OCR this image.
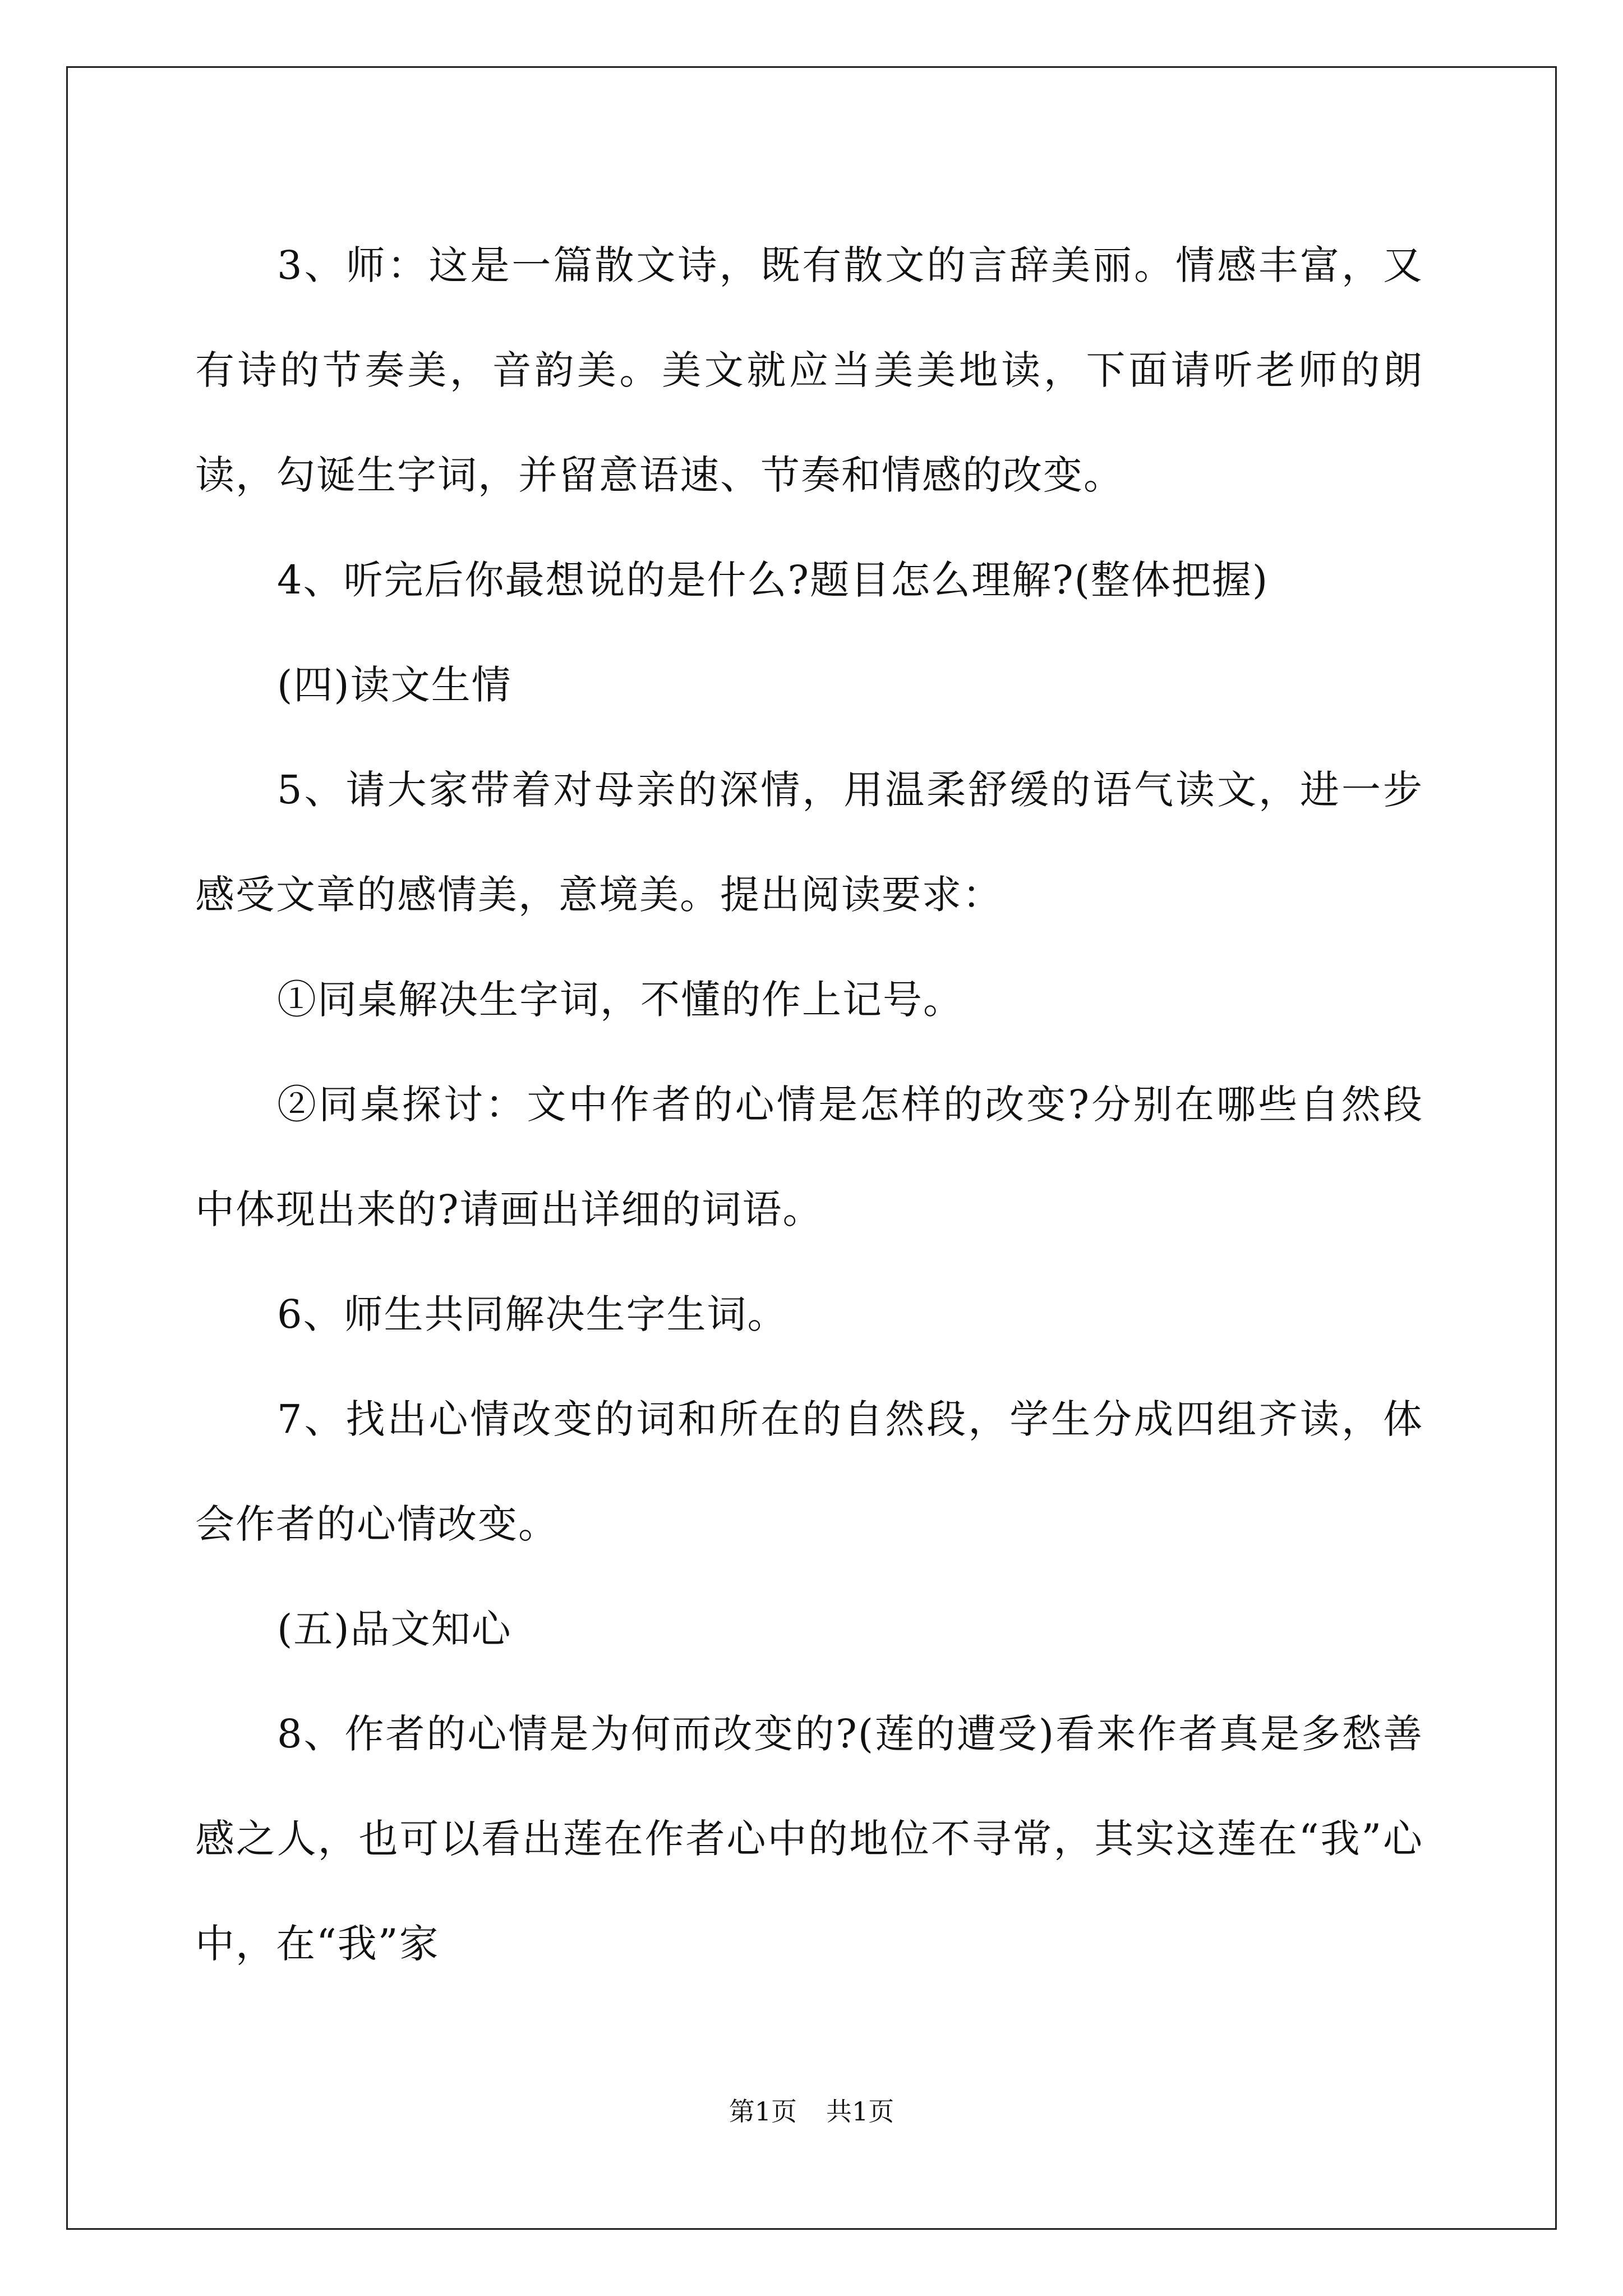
3、师：这是一篇散文诗，既有散文的言辞美丽。情感丰富，又有诗的节奏美，音韵美。美文就应当美美地读，下面请听老师的朗读，勾诞生字词，并留意语速、节奏和情感的改变。

4、听完后你最想说的是什么?题目怎么理解?(整体把握)

(四)读文生情

5、请大家带着对母亲的深情，用温柔舒缓的语气读文，进一步感受文章的感情美，意境美。提出阅读要求：

①同桌解决生字词，不懂的作上记号。

②同桌探讨：文中作者的心情是怎样的改变?分别在哪些自然段中体现出来的?请画出详细的词语。

6、师生共同解决生字生词。

7、找出心情改变的词和所在的自然段，学生分成四组齐读，体会作者的心情改变。

(五)品文知心

8、作者的心情是为何而改变的?(莲的遭受)看来作者真是多愁善感之人，也可以看出莲在作者心中的地位不寻常，其实这莲在“我”心中，在“我”家

第1页 共1页
